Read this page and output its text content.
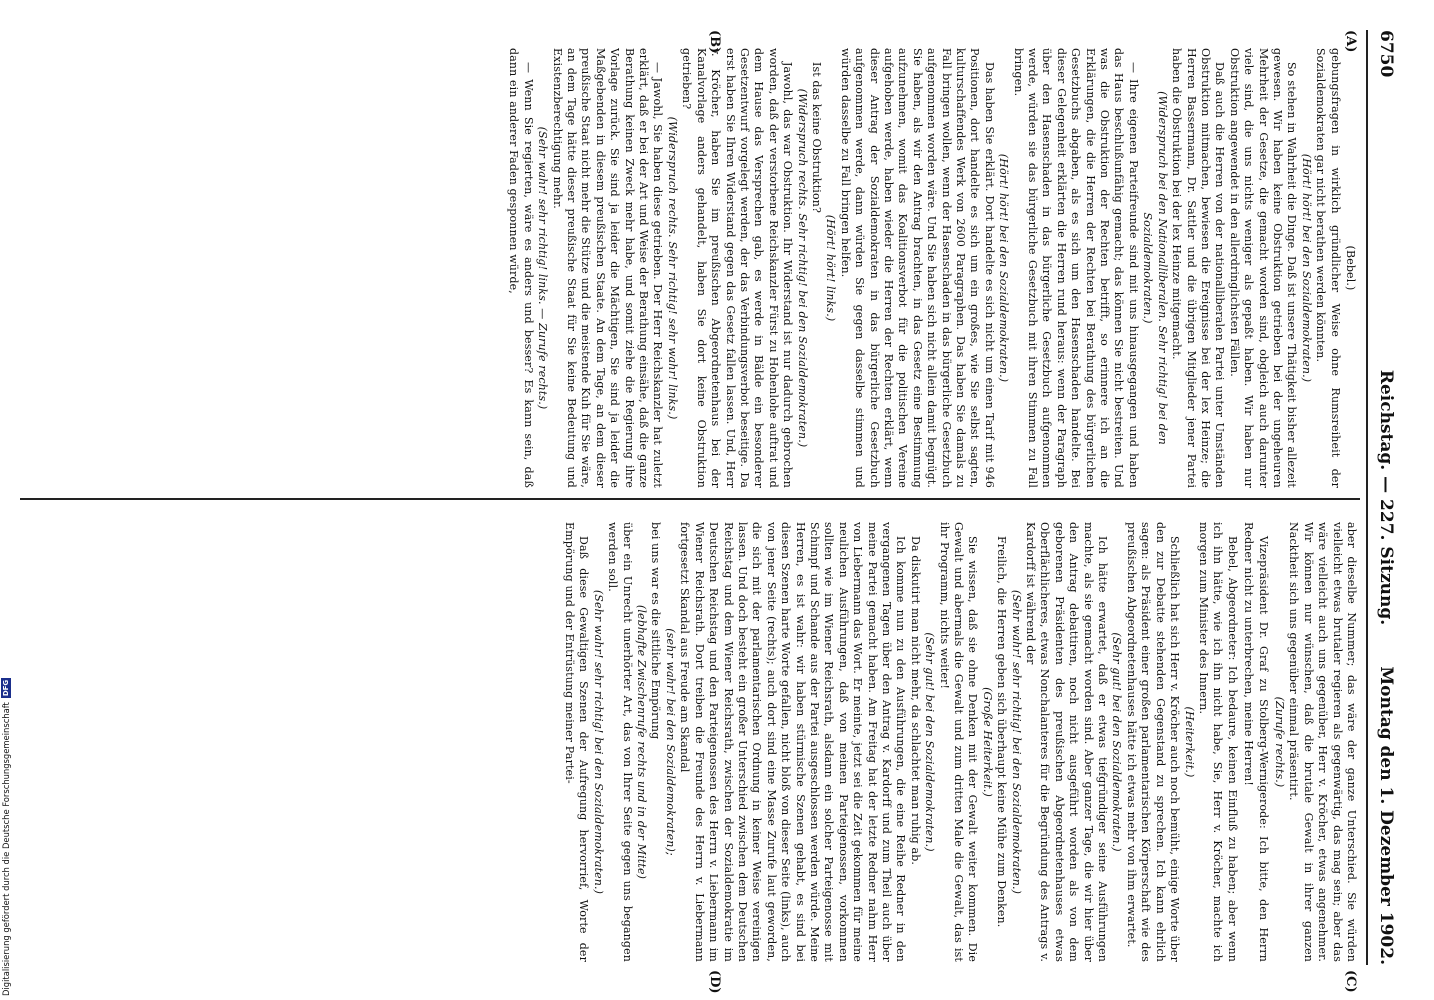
6750
Reichstag. — 227. Sitzung.
Montag den 1. Dezember 1902.
(A)
(B)
(C)
(D)

(Bebel.)

gebungsfragen in wirklich gründlicher Weise ohne Rumsreiheit der Sozialdemokraten gar nicht berathen werden könnten.

(Hört! hört! bei den Sozialdemokraten.)

So stehen in Wahrheit die Dinge. Daß ist unsere Thätigkeit bisher allezeit gewesen. Wir haben keine Obstruktion getrieben bei der ungeheuren Mehrheit der Gesetze, die gemacht worden sind, obgleich auch darunter viele sind, die uns nichts weniger als gepaßt haben. Wir haben nur Obstruktion angewendet in den allerdringlichsten Fällen.

Daß auch die Herren von der nationalliberalen Partei unter Umständen Obstruktion mitmachen, bewiesen die Ereignisse bei der lex Heinze; die Herren Bassermann, Dr. Sattler und die übrigen Mitglieder jener Partei haben die Obstruktion bei der lex Heinze mitgemacht.

(Widerspruch bei den Nationalliberalen. Sehr richtig! bei den Sozialdemokraten.)

— Ihre eigenen Parteifreunde sind mit uns hinausgegangen und haben das Haus beschlußunfähig gemacht; das können Sie nicht bestreiten. Und was die Obstruktion der Rechten betrifft, so erinnere ich an die Erklärungen, die die Herren der Rechten bei Berathung des bürgerlichen Gesetzbuchs abgaben, als es sich um den Hasenschaden handelte. Bei dieser Gelegenheit erklärten die Herren rund heraus: wenn der Paragraph über den Hasenschaden in das bürgerliche Gesetzbuch aufgenommen werde, würden sie das bürgerliche Gesetzbuch mit ihren Stimmen zu Fall bringen.

(Hört! hört! bei den Sozialdemokraten.)

Das haben Sie erklärt. Dort handelte es sich nicht um einen Tarif mit 946 Positionen, dort handelte es sich um ein großes, wie Sie selbst sagten, kulturschaffendes Werk von 2600 Paragraphen. Das haben Sie damals zu Fall bringen wollen, wenn der Hasenschaden in das bürgerliche Gesetzbuch aufgenommen worden wäre. Und Sie haben sich nicht allein damit begnügt. Sie haben, als wir den Antrag brachten, in das Gesetz eine Bestimmung aufzunehmen, womit das Koalitionsverbot für die politischen Vereine aufgehoben werde, haben wieder die Herren der Rechten erklärt, wenn dieser Antrag der Sozialdemokraten in das bürgerliche Gesetzbuch aufgenommen werde, dann würden Sie gegen dasselbe stimmen und würden dasselbe zu Fall bringen helfen.

(Hört! hört! links.)

Ist das keine Obstruktion?

(Widerspruch rechts. Sehr richtig! bei den Sozialdemokraten.)

Jawohl, das war Obstruktion. Ihr Widerstand ist nur dadurch gebrochen worden, daß der verstorbene Reichskanzler Fürst zu Hohenlohe auftrat und dem Hause das Versprechen gab, es werde in Bälde ein besonderer Gesetzentwurf vorgelegt werden, der das Verbindungsverbot beseitige. Da erst haben Sie Ihren Widerstand gegen das Gesetz fallen lassen. Und, Herr v. Kröcher, haben Sie im preußischen Abgeordnetenhaus bei der Kanalvorlage anders gehandelt, haben Sie dort keine Obstruktion getrieben?

(Widerspruch rechts. Sehr richtig! sehr wahr! links.)

— Jawohl, Sie haben diese getrieben. Der Herr Reichskanzler hat zuletzt erklärt, daß er bei der Art und Weise der Berathung einsähe, daß die ganze Berathung keinen Zweck mehr habe, und somit ziehe die Regierung ihre Vorlage zurück. Sie sind ja leider die Mächtigen, Sie sind ja leider die Maßgebenden in diesem preußischen Staate. An dem Tage, an dem dieser preußische Staat nicht mehr die Stütze und die meistende Kuh für Sie wäre, an dem Tage hätte dieser preußische Staat für Sie keine Bedeutung und Existenzberechtigung mehr.

(Sehr wahr! sehr richtig! links. — Zurufe rechts.)

— Wenn Sie regierten, wäre es anders und besser? Es kann sein, daß dann ein anderer Faden gesponnen würde,

aber dieselbe Nummer; das wäre der ganze Unterschied. Sie würden vielleicht etwas brutaler regieren als gegenwärtig, das mag sein; aber das wäre vielleicht auch uns gegenüber, Herr v. Kröcher, etwas angenehmer. Wir können nur wünschen, daß die brutale Gewalt in ihrer ganzen Nacktheit sich uns gegenüber einmal präsentirt.

(Zurufe rechts.)

Vizepräsident Dr. Graf zu Stolberg-Wernigerode: Ich bitte, den Herrn Redner nicht zu unterbrechen, meine Herren!

Bebel, Abgeordneter: Ich bedaure, keinen Einfluß zu haben; aber wenn ich ihn hätte, wie ich ihn nicht habe, Sie, Herr v. Kröcher, machte ich morgen zum Minister des Innern.

(Heiterkeit.)

Schließlich hat sich Herr v. Kröcher auch noch bemüht, einige Worte über den zur Debatte stehenden Gegenstand zu sprechen. Ich kann ehrlich sagen: als Präsident einer großen parlamentarischen Körperschaft wie des preußischen Abgeordnetenhauses hätte ich etwas mehr von ihm erwartet.

(Sehr gut! bei den Sozialdemokraten.)

Ich hätte erwartet, daß er etwas tiefgründiger seine Ausführungen machte, als sie gemacht worden sind. Aber ganzer Tage, die wir hier über den Antrag debattiren, noch nicht ausgeführt worden als von dem geborenen Präsidenten des preußischen Abgeordnetenhauses etwas Oberflächlicheres, etwas Nonchalanteres für die Begründung des Antrags v. Kardorff ist während der

(Sehr wahr! sehr richtig! bei den Sozialdemokraten.)

Freilich, die Herren geben sich überhaupt keine Mühe zum Denken.

(Große Heiterkeit.)

Sie wissen, daß sie ohne Denken mit der Gewalt weiter kommen. Die Gewalt und abermals die Gewalt und zum dritten Male die Gewalt, das ist ihr Programm, nichts weiter!

(Sehr gut! bei den Sozialdemokraten.)

Da diskutirt man nicht mehr, da schlachtet man ruhig ab.

Ich komme nun zu den Ausführungen, die eine Reihe Redner in den vergangenen Tagen über den Antrag v. Kardorff und zum Theil auch über meine Partei gemacht haben. Am Freitag hat der letzte Redner nahm Herr von Liebermann das Wort. Er meinte, jetzt sei die Zeit gekommen für meine neulichen Ausführungen, daß von meinen Parteigenossen, vorkommen sollten wie im Wiener Reichsrath, alsdann ein solcher Parteigenosse mit Schimpf und Schande aus der Partei ausgeschlossen werden würde. Meine Herren, es ist wahr: wir haben stürmische Szenen gehabt, es sind bei diesen Szenen harte Worte gefallen, nicht bloß von dieser Seite (links), auch von jener Seite (rechts); auch dort sind eine Masse Zurufe laut geworden, die sich mit der parlamentarischen Ordnung in keiner Weise vereinigen lassen. Und doch besteht ein großer Unterschied zwischen dem Deutschen Reichstag und dem Wiener Reichsrath, zwischen der Sozialdemokratie im Deutschen Reichstag und den Parteigenossen des Herrn v. Liebermann im Wiener Reichsrath. Dort treiben die Freunde des Herrn v. Liebermann fortgesetzt Skandal aus Freude am Skandal

(sehr wahr! bei den Sozialdemokraten);

bei uns war es die sittliche Empörung

(lebhafte Zwischenrufe rechts und in der Mitte)

über ein Unrecht unerhörter Art, das von Ihrer Seite gegen uns begangen werden soll.

(Sehr wahr! sehr richtig! bei den Sozialdemokraten.)

Daß diese Gewaltigen Szenen der Aufregung hervorrief, Worte der Empörung und der Entrüstung meiner Partei-

Digitalisierung gefördert durch die Deutsche Forschungsgemeinschaft
DFG
